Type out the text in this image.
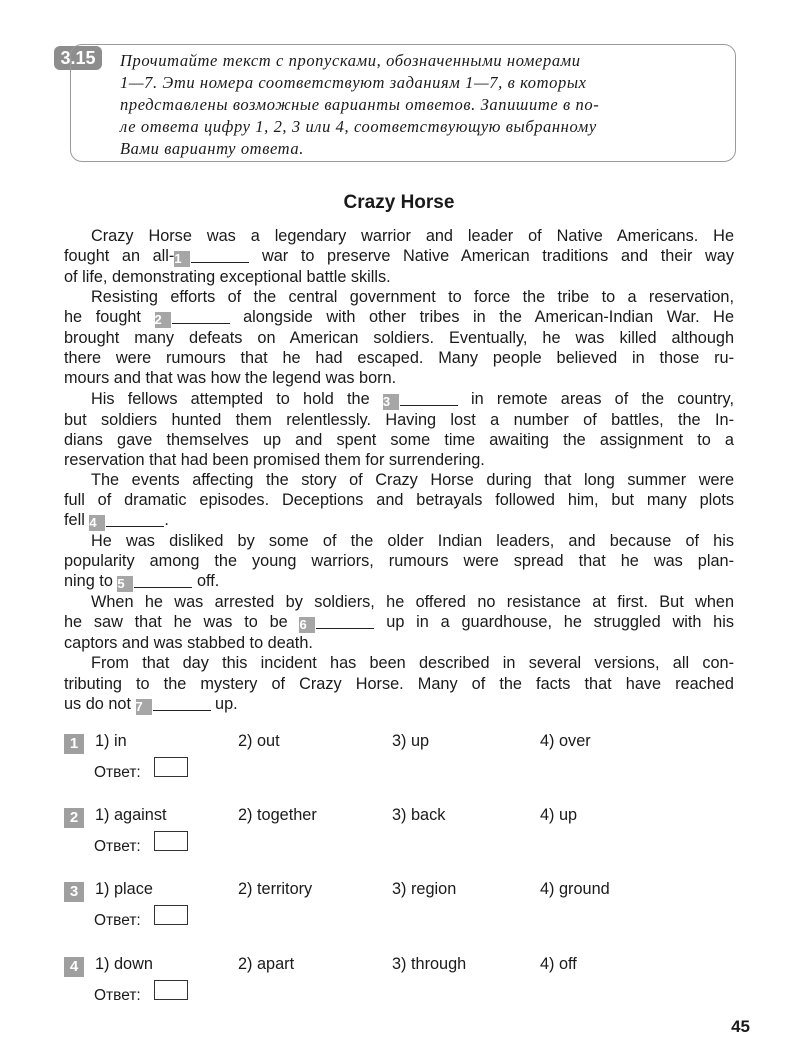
3.15	Прочитайте текст с пропусками, обозначенными номерами
1—7. Эти номера соответствуют заданиям 1—7, в которых
представлены возможные варианты ответов. Запишите в по-
ле ответа цифру 1, 2, 3 или 4, соответствующую выбранному
Вами варианту ответа.

Crazy Horse
Crazy Horse was a legendary warrior and leader of Native Americans. He
fought an all-1	war to preserve Native American traditions and their way
of life, demonstrating exceptional battle skills.
Resisting efforts of the central government to force the tribe to a reservation,
he fought 2	alongside with other tribes in the American-Indian War. He
brought many defeats on American soldiers. Eventually, he was killed although
there were rumours that he had escaped. Many people believed in those ru-
mours and that was how the legend was born.
His fellows attempted to hold the 3	in remote areas of the country,
but soldiers hunted them relentlessly. Having lost a number of battles, the In-
dians gave themselves up and spent some time awaiting the assignment to a
reservation that had been promised them for surrendering.
The events affecting the story of Crazy Horse during that long summer were
full of dramatic episodes. Deceptions and betrayals followed him, but many plots
fell 4	.
He was disliked by some of the older Indian leaders, and because of his
popularity among the young warriors, rumours were spread that he was plan-
ning to 5	off.
When he was arrested by soldiers, he offered no resistance at first. But when
he saw that he was to be 6	up in a guardhouse, he struggled with his
captors and was stabbed to death.
From that day this incident has been described in several versions, all con-
tributing to the mystery of Crazy Horse. Many of the facts that have reached
us do not 7	up.
1	1) in	2) out	3) up	4) over
Ответ:
2	1) against	2) together	3) back	4) up
Ответ:
3	1) place	2) territory	3) region	4) ground
Ответ:
4	1) down	2) apart	3) through	4) off
Ответ:
45
